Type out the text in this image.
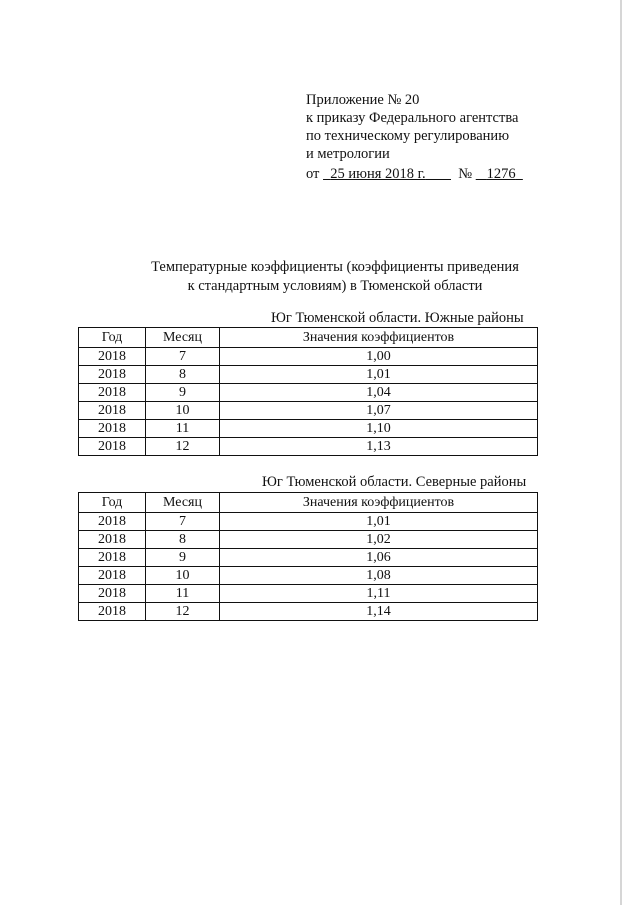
Приложение № 20
к приказу Федерального агентства
по техническому регулированию
и метрологии
от 25 июня 2018 г. № 1276
Температурные коэффициенты (коэффициенты приведения
к стандартным условиям) в Тюменской области
Юг Тюменской области. Южные районы
Год	Месяц	Значения коэффициентов
2018	7	1,00
2018	8	1,01
2018	9	1,04
2018	10	1,07
2018	11	1,10
2018	12	1,13
Юг Тюменской области. Северные районы
Год	Месяц	Значения коэффициентов
2018	7	1,01
2018	8	1,02
2018	9	1,06
2018	10	1,08
2018	11	1,11
2018	12	1,14
